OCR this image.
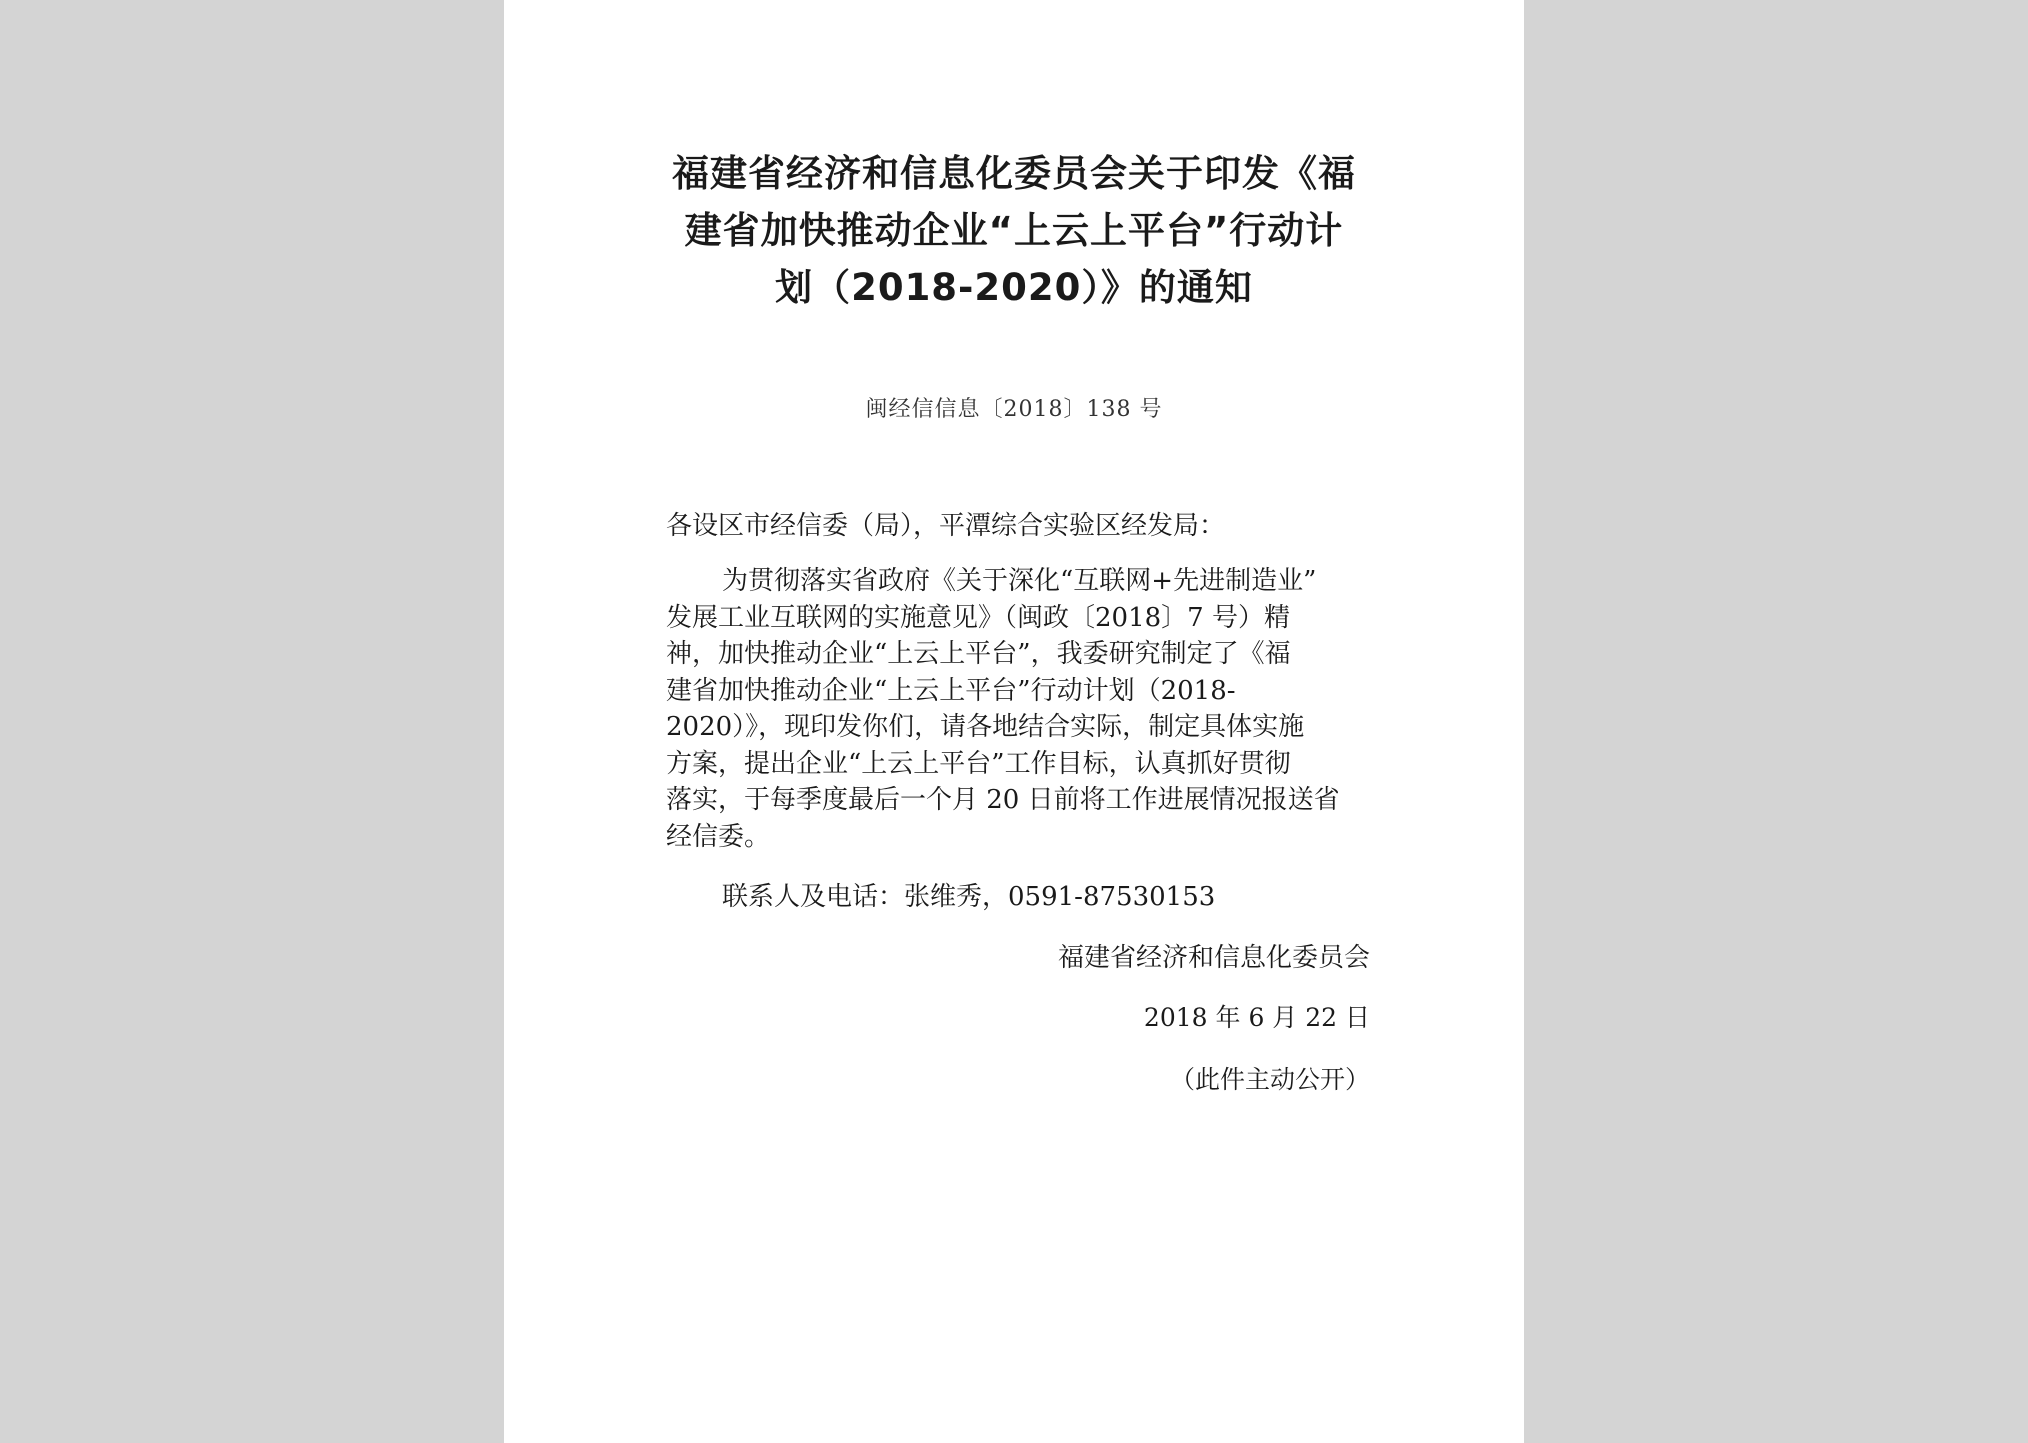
福建省经济和信息化委员会关于印发《福
建省加快推动企业“上云上平台”行动计
划（2018-2020）》的通知
闽经信信息〔2018〕138 号
各设区市经信委（局），平潭综合实验区经发局：
为贯彻落实省政府《关于深化“互联网+先进制造业”
发展工业互联网的实施意见》（闽政〔2018〕7 号）精
神，加快推动企业“上云上平台”，我委研究制定了《福
建省加快推动企业“上云上平台”行动计划（2018-
2020）》，现印发你们，请各地结合实际，制定具体实施
方案，提出企业“上云上平台”工作目标，认真抓好贯彻
落实，于每季度最后一个月 20 日前将工作进展情况报送省
经信委。
联系人及电话：张维秀，0591-87530153
福建省经济和信息化委员会
2018 年 6 月 22 日
（此件主动公开）
